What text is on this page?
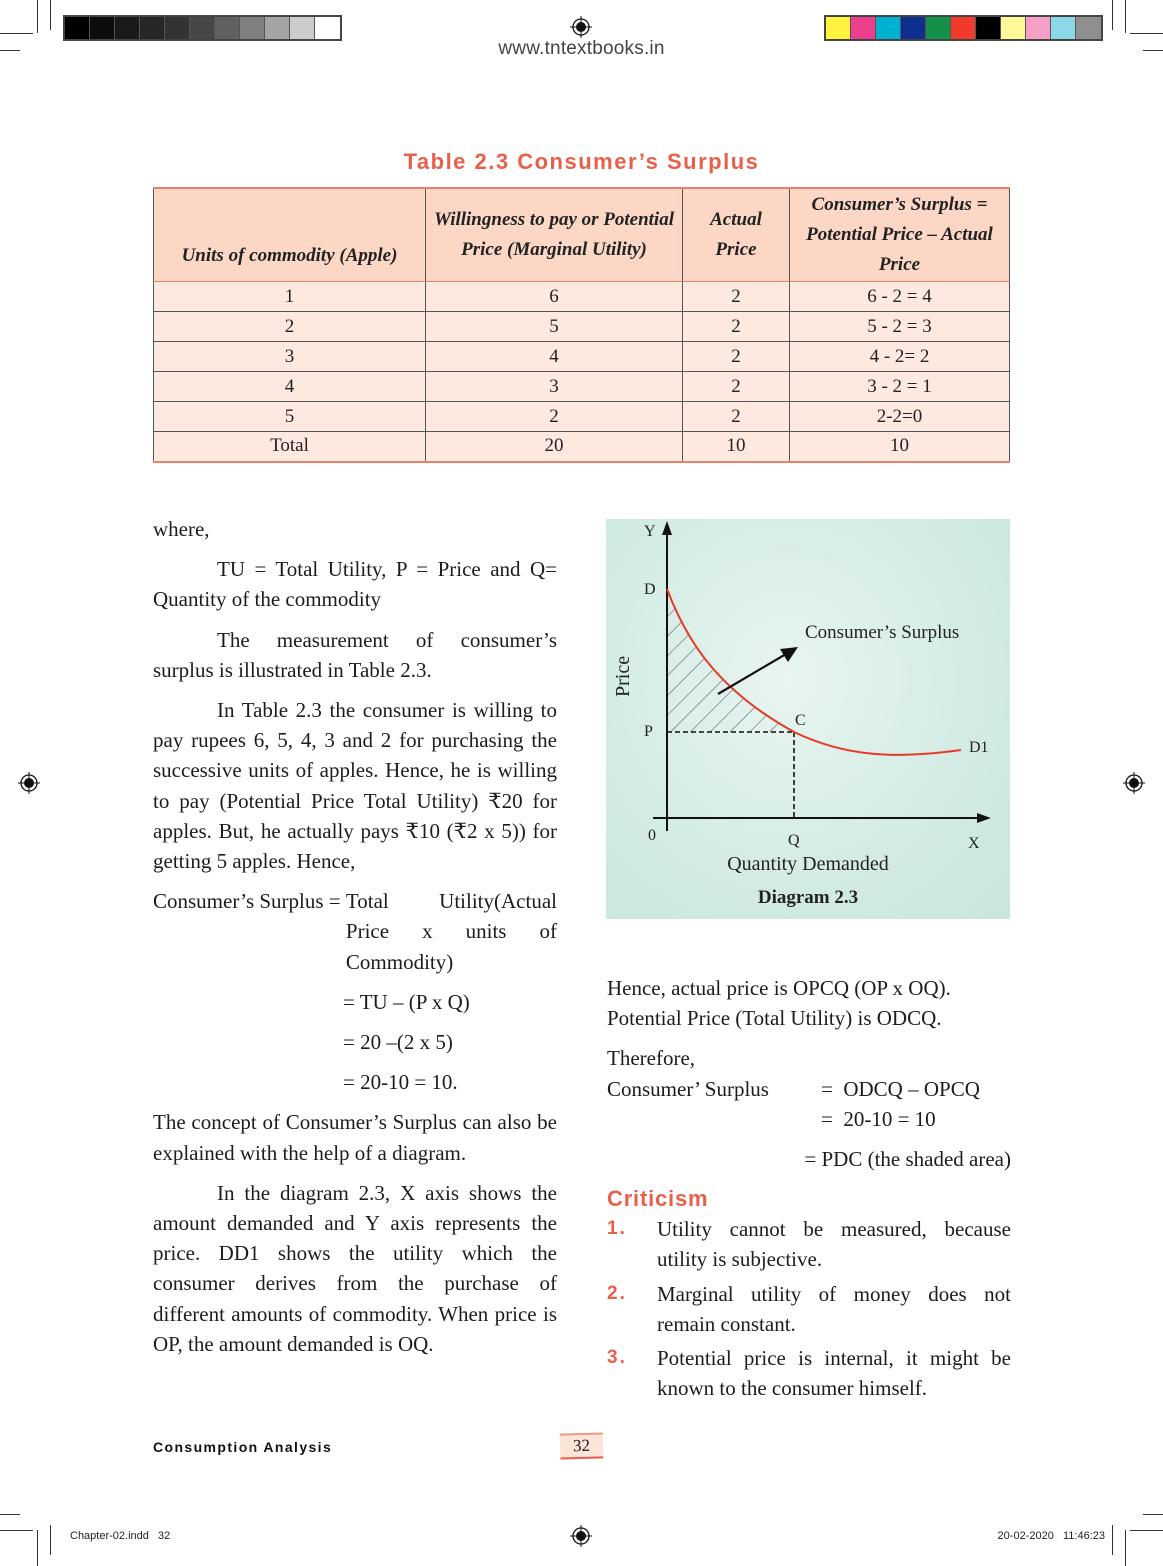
www.tntextbooks.in
Table 2.3 Consumer’s Surplus
Units of commodity (Apple)	Willingness to pay or Potential Price (Marginal Utility)	Actual Price	Consumer’s Surplus = Potential Price – Actual Price
1	6	2	6 - 2 = 4
2	5	2	5 - 2 = 3
3	4	2	4 - 2= 2
4	3	2	3 - 2 = 1
5	2	2	2-2=0
Total	20	10	10

where,

TU = Total Utility, P = Price and Q= Quantity of the commodity

The measurement of consumer’s surplus is illustrated in Table 2.3.

In Table 2.3 the consumer is willing to pay rupees 6, 5, 4, 3 and 2 for purchasing the successive units of apples. Hence, he is willing to pay (Potential Price Total Utility) ₹20 for apples. But, he actually pays ₹10 (₹2 x 5)) for getting 5 apples. Hence,

Consumer’s Surplus = Total Utility(Actual Price x units of Commodity)

= TU – (P x Q)

= 20 –(2 x 5)

= 20-10 = 10.

The concept of Consumer’s Surplus can also be explained with the help of a diagram.

In the diagram 2.3, X axis shows the amount demanded and Y axis represents the price. DD1 shows the utility which the consumer derives from the purchase of different amounts of commodity. When price is OP, the amount demanded is OQ.

Y
D
P
C
D1
0	Q	X
Consumer’s Surplus
Price
Quantity Demanded
Diagram 2.3

Hence, actual price is OPCQ (OP x OQ). Potential Price (Total Utility) is ODCQ.

Therefore,

Consumer’ Surplus	=  ODCQ – OPCQ

=  20-10 = 10

= PDC (the shaded area)

Criticism
1.	Utility cannot be measured, because utility is subjective.
2.	Marginal utility of money does not remain constant.
3.	Potential price is internal, it might be known to the consumer himself.
Consumption Analysis	32
Chapter-02.indd   32	20-02-2020   11:46:23
